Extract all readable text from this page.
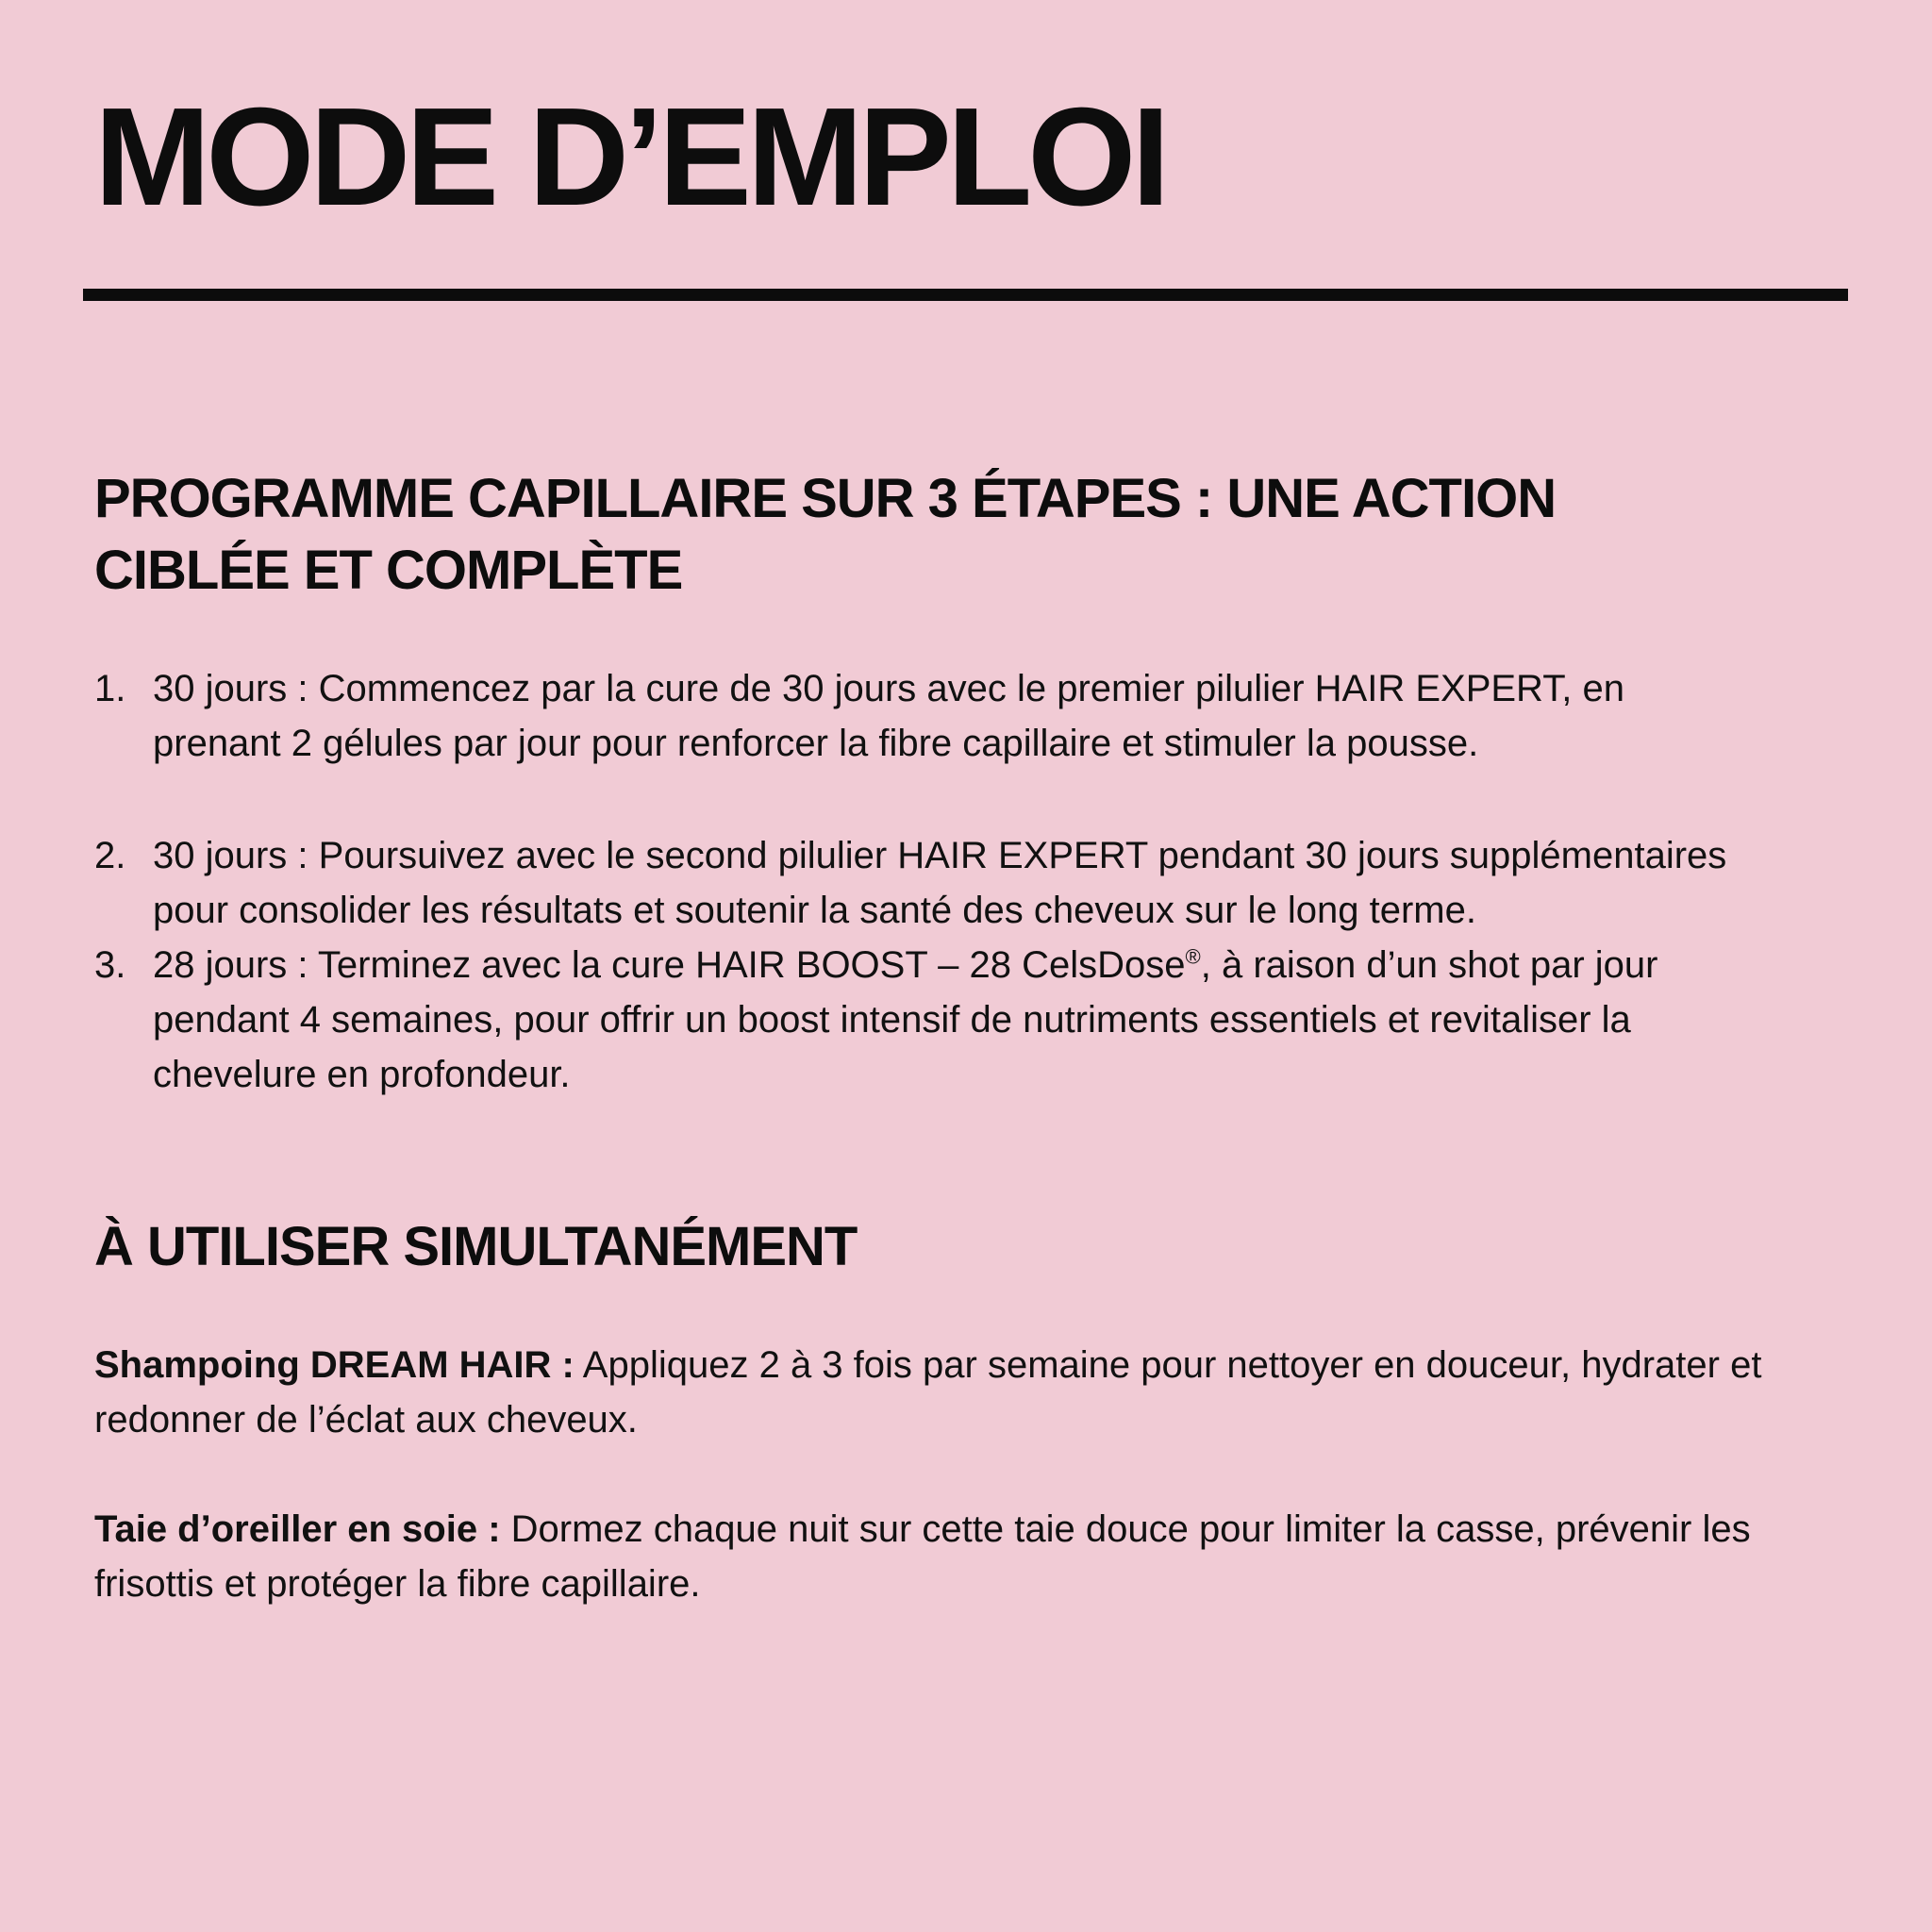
MODE D’EMPLOI
PROGRAMME CAPILLAIRE SUR 3 ÉTAPES : UNE ACTION
CIBLÉE ET COMPLÈTE
1. 30 jours : Commencez par la cure de 30 jours avec le premier pilulier HAIR EXPERT, en prenant 2 gélules par jour pour renforcer la fibre capillaire et stimuler la pousse.
2. 30 jours : Poursuivez avec le second pilulier HAIR EXPERT pendant 30 jours supplémentaires pour consolider les résultats et soutenir la santé des cheveux sur le long terme.
3. 28 jours : Terminez avec la cure HAIR BOOST – 28 CelsDose®, à raison d’un shot par jour pendant 4 semaines, pour offrir un boost intensif de nutriments essentiels et revitaliser la chevelure en profondeur.
À UTILISER SIMULTANÉMENT

Shampoing DREAM HAIR : Appliquez 2 à 3 fois par semaine pour nettoyer en douceur, hydrater et redonner de l’éclat aux cheveux.

Taie d’oreiller en soie : Dormez chaque nuit sur cette taie douce pour limiter la casse, prévenir les frisottis et protéger la fibre capillaire.
